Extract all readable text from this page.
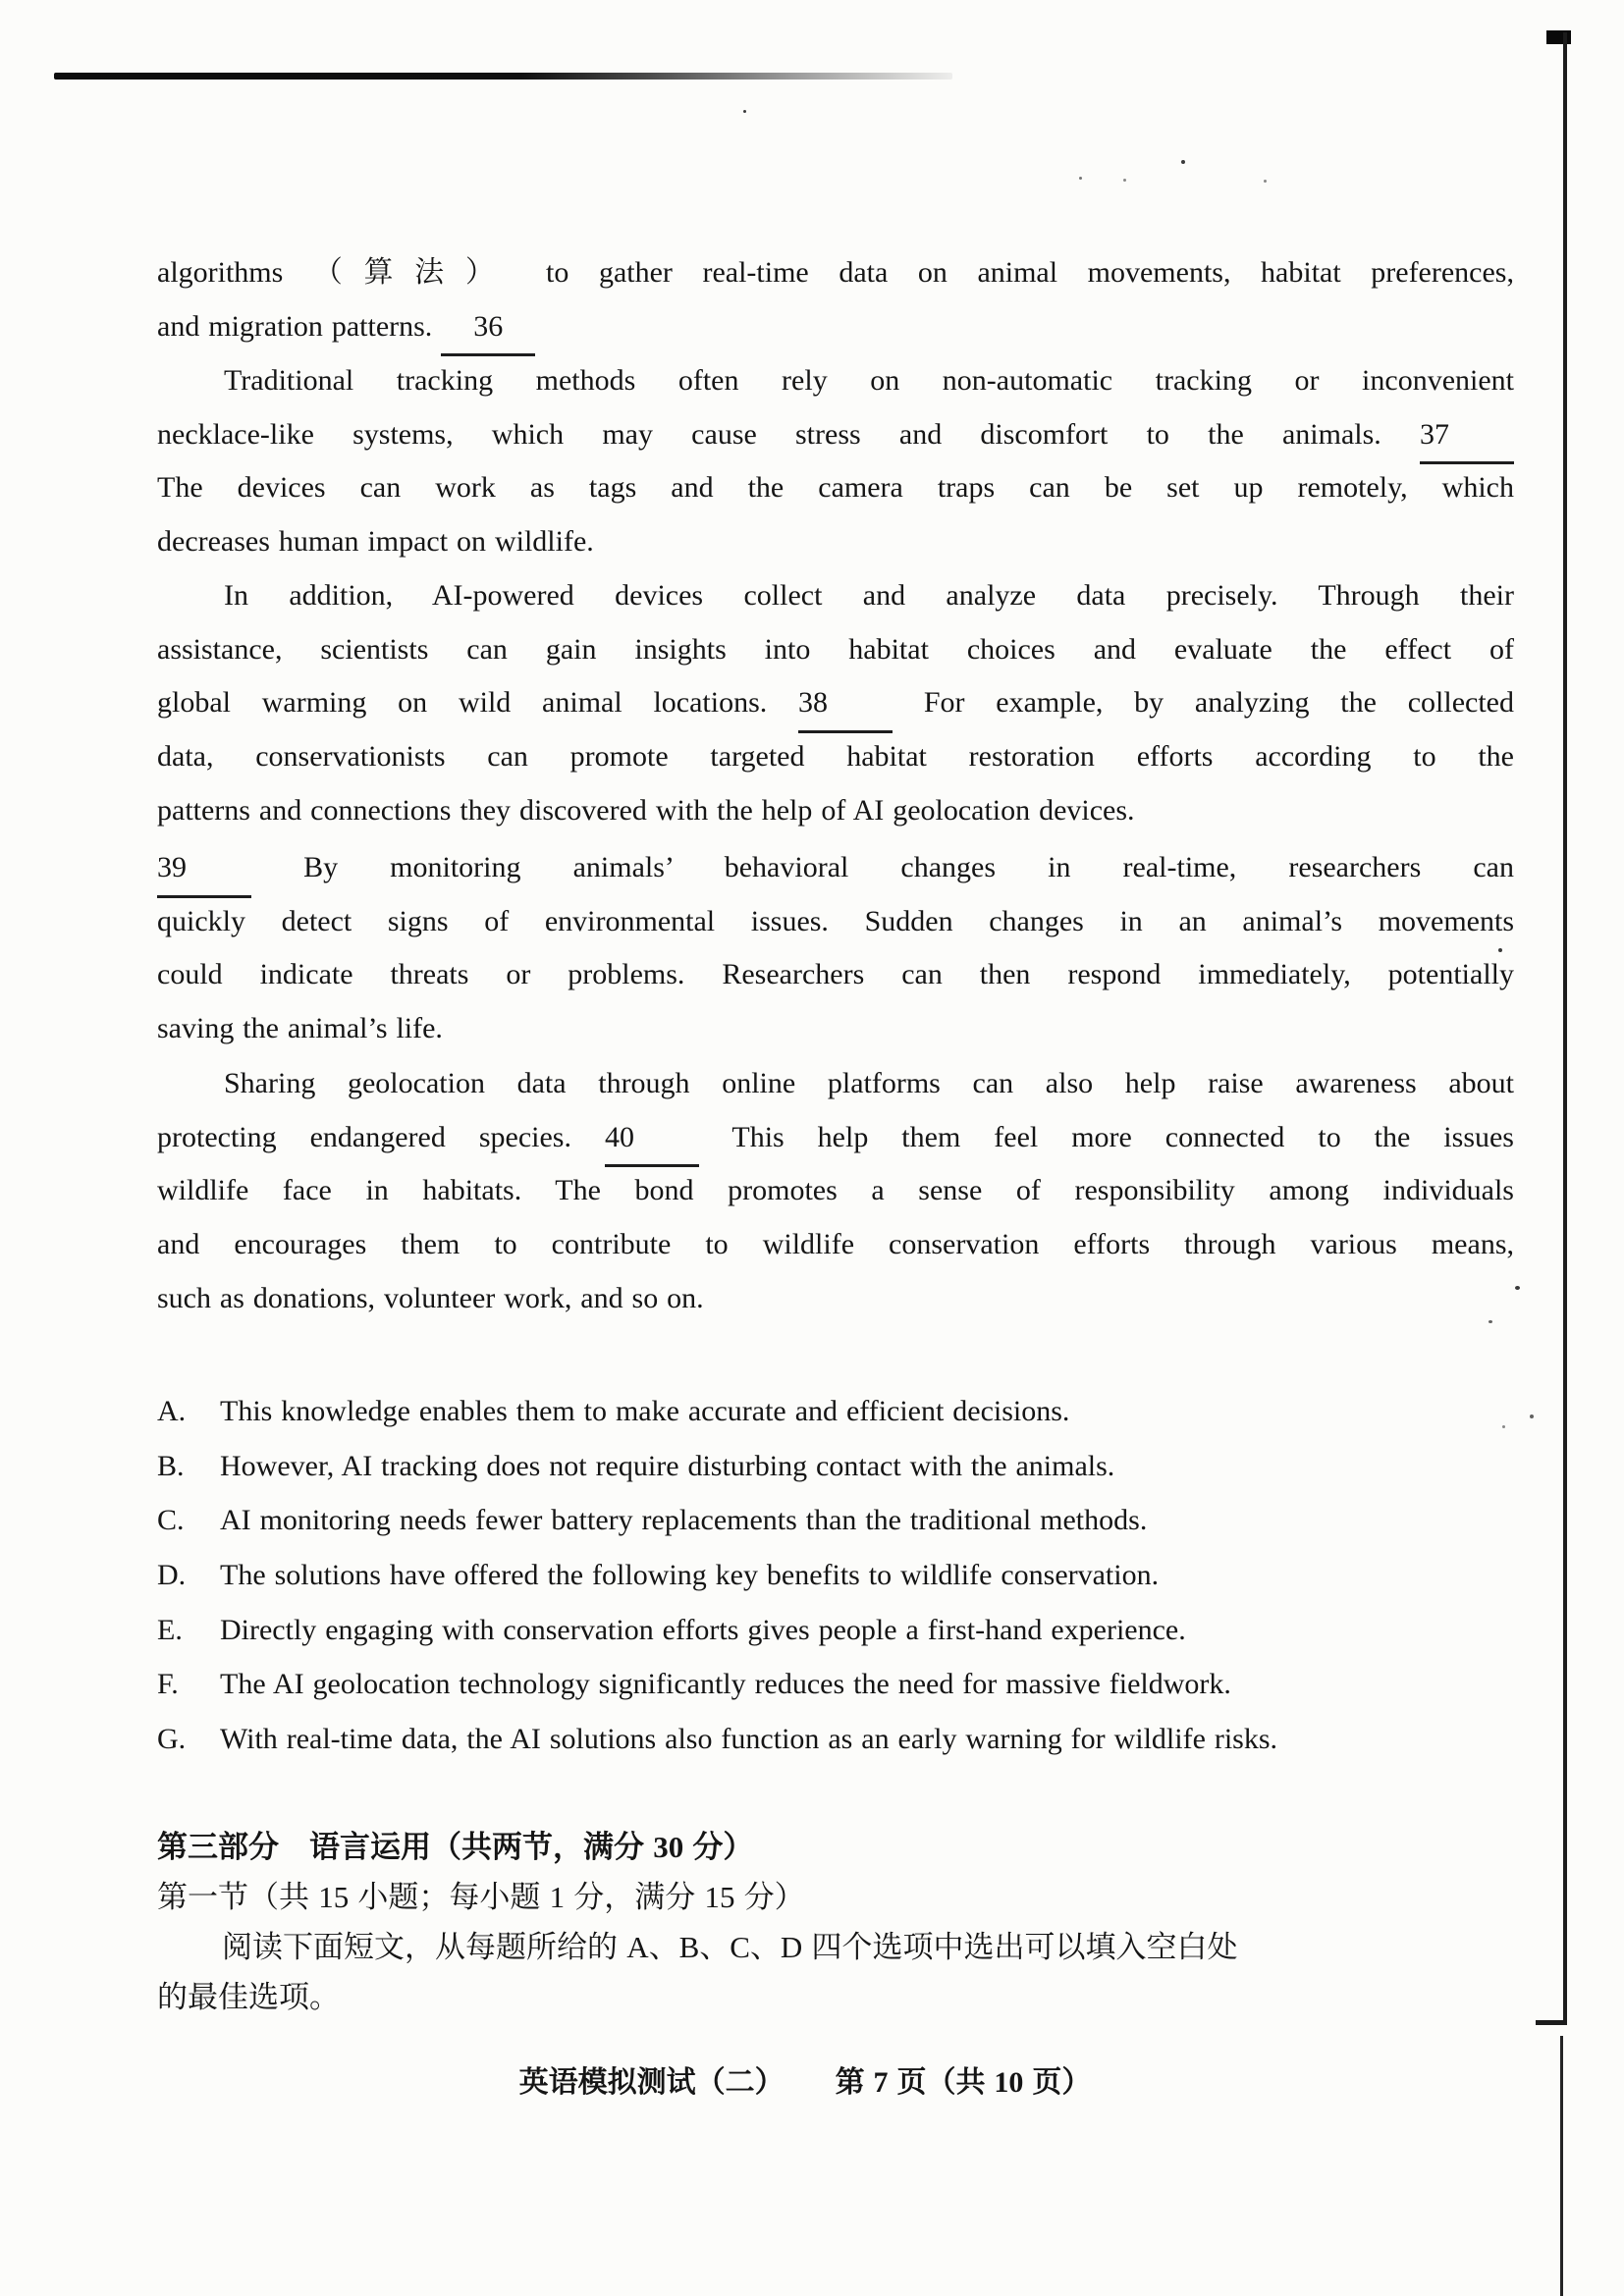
algorithms （算法） to gather real-time data on animal movements, habitat preferences,
and migration patterns. 36
Traditional tracking methods often rely on non-automatic tracking or inconvenient
necklace-like systems, which may cause stress and discomfort to the animals. 37
The devices can work as tags and the camera traps can be set up remotely, which
decreases human impact on wildlife.
In addition, AI-powered devices collect and analyze data precisely. Through their
assistance, scientists can gain insights into habitat choices and evaluate the effect of
global warming on wild animal locations. 38 For example, by analyzing the collected
data, conservationists can promote targeted habitat restoration efforts according to the
patterns and connections they discovered with the help of AI geolocation devices.
39 By monitoring animals’ behavioral changes in real-time, researchers can
quickly detect signs of environmental issues. Sudden changes in an animal’s movements
could indicate threats or problems. Researchers can then respond immediately, potentially
saving the animal’s life.
Sharing geolocation data through online platforms can also help raise awareness about
protecting endangered species. 40 This help them feel more connected to the issues
wildlife face in habitats. The bond promotes a sense of responsibility among individuals
and encourages them to contribute to wildlife conservation efforts through various means,
such as donations, volunteer work, and so on.
A. This knowledge enables them to make accurate and efficient decisions.
B. However, AI tracking does not require disturbing contact with the animals.
C. AI monitoring needs fewer battery replacements than the traditional methods.
D. The solutions have offered the following key benefits to wildlife conservation.
E. Directly engaging with conservation efforts gives people a first-hand experience.
F. The AI geolocation technology significantly reduces the need for massive fieldwork.
G. With real-time data, the AI solutions also function as an early warning for wildlife risks.
第三部分　语言运用（共两节，满分 30 分）
第一节（共 15 小题；每小题 1 分，满分 15 分）
阅读下面短文，从每题所给的 A、B、C、D 四个选项中选出可以填入空白处
的最佳选项。
英语模拟测试（二） 第 7 页（共 10 页）
